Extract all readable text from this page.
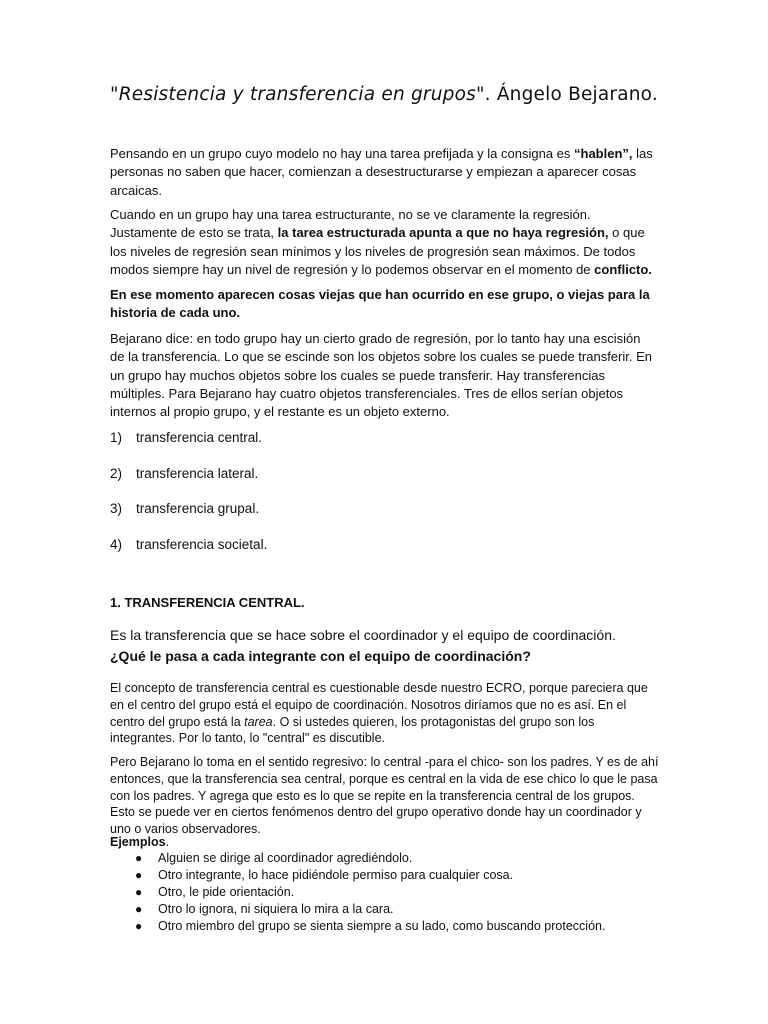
"Resistencia y transferencia en grupos". Ángelo Bejarano.
Pensando en un grupo cuyo modelo no hay una tarea prefijada y la consigna es “hablen”, las personas no saben que hacer, comienzan a desestructurarse y empiezan a aparecer cosas arcaicas.
Cuando en un grupo hay una tarea estructurante, no se ve claramente la regresión. Justamente de esto se trata, la tarea estructurada apunta a que no haya regresión, o que los niveles de regresión sean mínimos y los niveles de progresión sean máximos. De todos modos siempre hay un nivel de regresión y lo podemos observar en el momento de conflicto.
En ese momento aparecen cosas viejas que han ocurrido en ese grupo, o viejas para la historia de cada uno.
Bejarano dice: en todo grupo hay un cierto grado de regresión, por lo tanto hay una escisión de la transferencia. Lo que se escinde son los objetos sobre los cuales se puede transferir. En un grupo hay muchos objetos sobre los cuales se puede transferir. Hay transferencias múltiples. Para Bejarano hay cuatro objetos transferenciales. Tres de ellos serían objetos internos al propio grupo, y el restante es un objeto externo.
1) transferencia central.
2) transferencia lateral.
3) transferencia grupal.
4) transferencia societal.
1. TRANSFERENCIA CENTRAL.
Es la transferencia que se hace sobre el coordinador y el equipo de coordinación. ¿Qué le pasa a cada integrante con el equipo de coordinación?
El concepto de transferencia central es cuestionable desde nuestro ECRO, porque pareciera que en el centro del grupo está el equipo de coordinación. Nosotros diríamos que no es así. En el centro del grupo está la tarea. O si ustedes quieren, los protagonistas del grupo son los integrantes. Por lo tanto, lo "central" es discutible.
Pero Bejarano lo toma en el sentido regresivo: lo central -para el chico- son los padres. Y es de ahí entonces, que la transferencia sea central, porque es central en la vida de ese chico lo que le pasa con los padres. Y agrega que esto es lo que se repite en la transferencia central de los grupos. Esto se puede ver en ciertos fenómenos dentro del grupo operativo donde hay un coordinador y uno o varios observadores.
Ejemplos.
● Alguien se dirige al coordinador agrediéndolo.
● Otro integrante, lo hace pidiéndole permiso para cualquier cosa.
● Otro, le pide orientación.
● Otro lo ignora, ni siquiera lo mira a la cara.
● Otro miembro del grupo se sienta siempre a su lado, como buscando protección.
